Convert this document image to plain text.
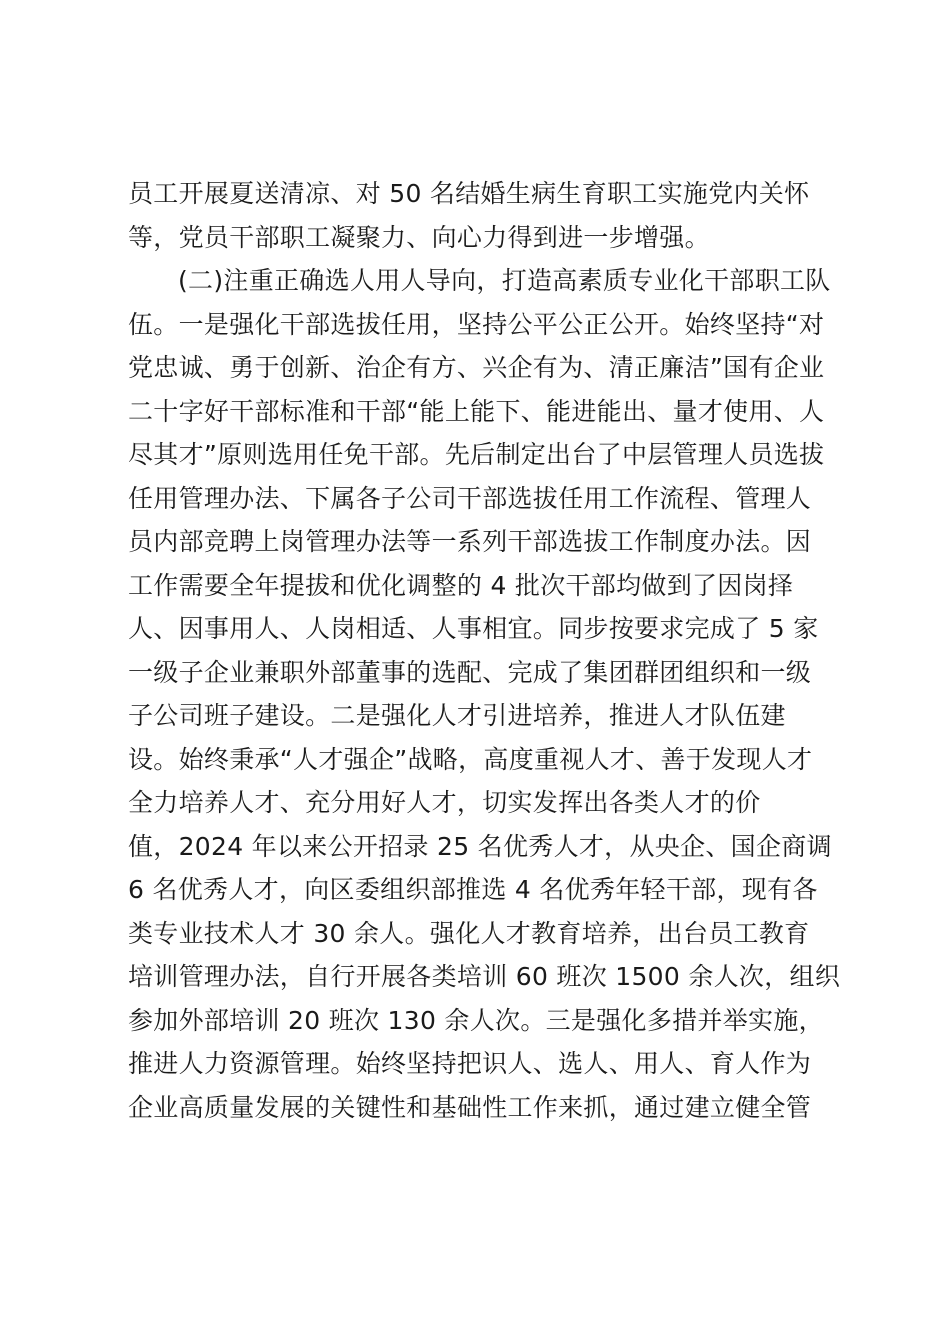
员工开展夏送清凉、对 50 名结婚生病生育职工实施党内关怀
等，党员干部职工凝聚力、向心力得到进一步增强。
(二)注重正确选人用人导向，打造高素质专业化干部职工队
伍。一是强化干部选拔任用，坚持公平公正公开。始终坚持“对
党忠诚、勇于创新、治企有方、兴企有为、清正廉洁”国有企业
二十字好干部标准和干部“能上能下、能进能出、量才使用、人
尽其才”原则选用任免干部。先后制定出台了中层管理人员选拔
任用管理办法、下属各子公司干部选拔任用工作流程、管理人
员内部竞聘上岗管理办法等一系列干部选拔工作制度办法。因
工作需要全年提拔和优化调整的 4 批次干部均做到了因岗择
人、因事用人、人岗相适、人事相宜。同步按要求完成了 5 家
一级子企业兼职外部董事的选配、完成了集团群团组织和一级
子公司班子建设。二是强化人才引进培养，推进人才队伍建
设。始终秉承“人才强企”战略，高度重视人才、善于发现人才
全力培养人才、充分用好人才，切实发挥出各类人才的价
值，2024 年以来公开招录 25 名优秀人才，从央企、国企商调
6 名优秀人才，向区委组织部推选 4 名优秀年轻干部，现有各
类专业技术人才 30 余人。强化人才教育培养，出台员工教育
培训管理办法，自行开展各类培训 60 班次 1500 余人次，组织
参加外部培训 20 班次 130 余人次。三是强化多措并举实施，
推进人力资源管理。始终坚持把识人、选人、用人、育人作为
企业高质量发展的关键性和基础性工作来抓，通过建立健全管
